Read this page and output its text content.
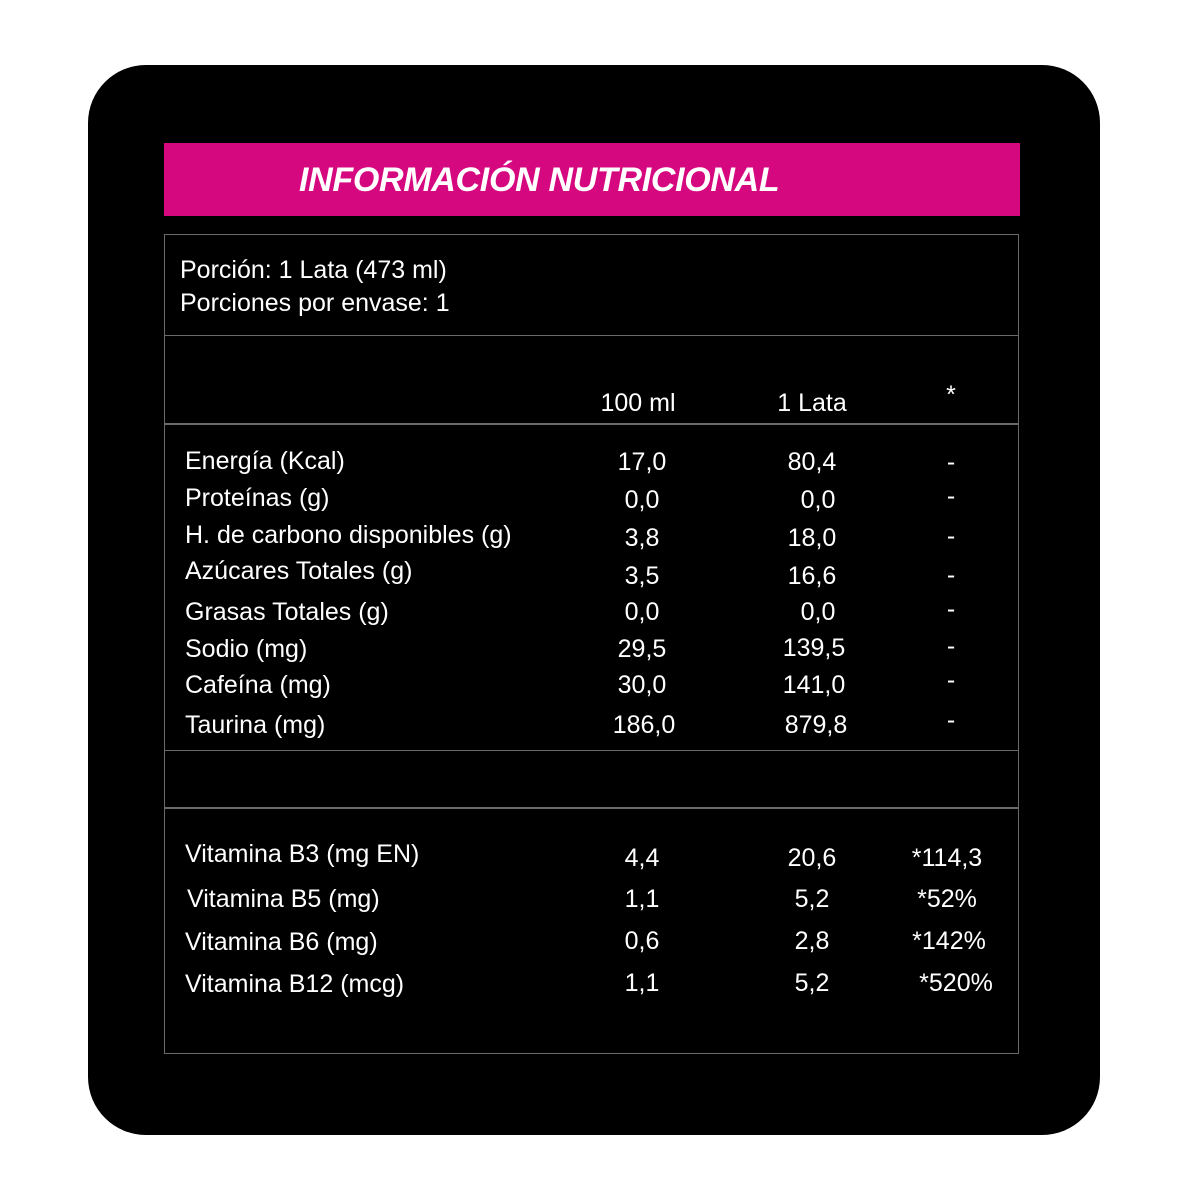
INFORMACIÓN NUTRICIONAL
Porción: 1 Lata (473 ml)
Porciones por envase: 1
100 ml	1 Lata	*
Energía (Kcal)	17,0	80,4	-
Proteínas (g)	0,0	0,0	-
H. de carbono disponibles (g)	3,8	18,0	-
Azúcares Totales (g)	3,5	16,6	-
Grasas Totales (g)	0,0	0,0	-
Sodio (mg)	29,5	139,5	-
Cafeína (mg)	30,0	141,0	-
Taurina (mg)	186,0	879,8	-
Vitamina B3 (mg EN)	4,4	20,6	*114,3
Vitamina B5 (mg)	1,1	5,2	*52%
Vitamina B6 (mg)	0,6	2,8	*142%
Vitamina B12 (mcg)	1,1	5,2	*520%
